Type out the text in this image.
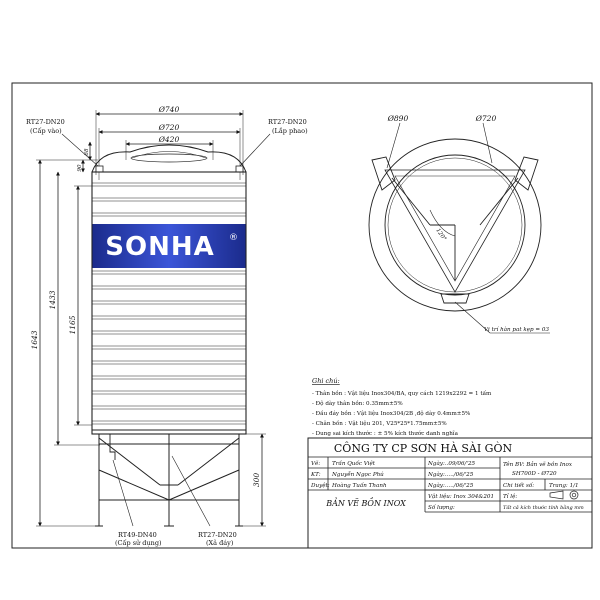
SONHA ®
Ø740
Ø720
Ø420
1643
1433
1165
90
88
300
RT27-DN20
(Cấp vào)
RT27-DN20
(Lắp phao)
RT49-DN40
(Cấp sử dụng)
RT27-DN20
(Xả đáy)
Ø890	Ø720
120°
Vị trí hàn pat kẹp = 03
Ghi chú:
- Thân bồn : Vật liệu Inox304/BA, quy cách 1219x2292 = 1 tấm
- Độ dày thân bồn: 0.35mm±5%
- Đầu đáy bồn : Vật liệu Inox304/2B ,độ dày 0.4mm±5%
- Chân bồn : Vật liệu 201, V25*25*1.75mm±5%
- Dung sai kích thước : ± 5% kích thước danh nghĩa
CÔNG TY CP SƠN HÀ SÀI GÒN
Vẽ: Trần Quốc Việt	Ngày:..09/06/'25
KT: Nguyễn Ngọc Phú	Ngày:...../06/'25
Duyệt: Hoàng Tuấn Thanh	Ngày:...../06/'25
Tên BV: Bản vẽ bồn Inox
SH700D - Ø720
Chi tiết số:	Trang: 1/1
BẢN VẼ BỒN INOX
Vật liệu: Inox 304&201 Tỉ lệ:
Số lượng:	Tất cả kích thước tính bằng mm
